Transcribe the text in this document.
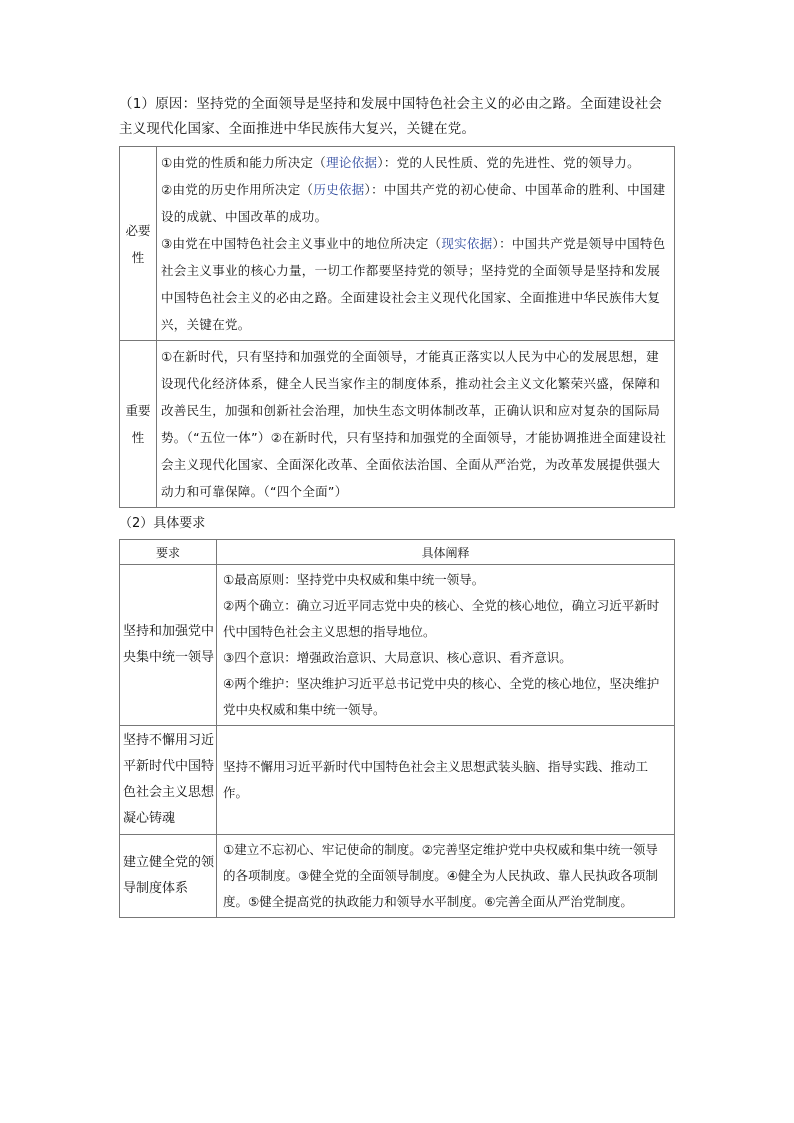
（1）原因：坚持党的全面领导是坚持和发展中国特色社会主义的必由之路。全面建设社会主义现代化国家、全面推进中华民族伟大复兴，关键在党。

必要性	①由党的性质和能力所决定（理论依据）：党的人民性质、党的先进性、党的领导力。

②由党的历史作用所决定（历史依据）：中国共产党的初心使命、中国革命的胜利、中国建设的成就、中国改革的成功。

③由党在中国特色社会主义事业中的地位所决定（现实依据）：中国共产党是领导中国特色社会主义事业的核心力量，一切工作都要坚持党的领导；坚持党的全面领导是坚持和发展中国特色社会主义的必由之路。全面建设社会主义现代化国家、全面推进中华民族伟大复兴，关键在党。

重要性	①在新时代，只有坚持和加强党的全面领导，才能真正落实以人民为中心的发展思想，建设现代化经济体系，健全人民当家作主的制度体系，推动社会主义文化繁荣兴盛，保障和改善民生，加强和创新社会治理，加快生态文明体制改革，正确认识和应对复杂的国际局势。（“五位一体”）②在新时代，只有坚持和加强党的全面领导，才能协调推进全面建设社会主义现代化国家、全面深化改革、全面依法治国、全面从严治党，为改革发展提供强大动力和可靠保障。（“四个全面”）

（2）具体要求

要求	具体阐释
坚持和加强党中央集中统一领导	①最高原则：坚持党中央权威和集中统一领导。

②两个确立：确立习近平同志党中央的核心、全党的核心地位，确立习近平新时代中国特色社会主义思想的指导地位。

③四个意识：增强政治意识、大局意识、核心意识、看齐意识。

④两个维护：坚决维护习近平总书记党中央的核心、全党的核心地位，坚决维护党中央权威和集中统一领导。

坚持不懈用习近平新时代中国特色社会主义思想凝心铸魂	坚持不懈用习近平新时代中国特色社会主义思想武装头脑、指导实践、推动工作。

建立健全党的领导制度体系	①建立不忘初心、牢记使命的制度。②完善坚定维护党中央权威和集中统一领导的各项制度。③健全党的全面领导制度。④健全为人民执政、靠人民执政各项制度。⑤健全提高党的执政能力和领导水平制度。⑥完善全面从严治党制度。
